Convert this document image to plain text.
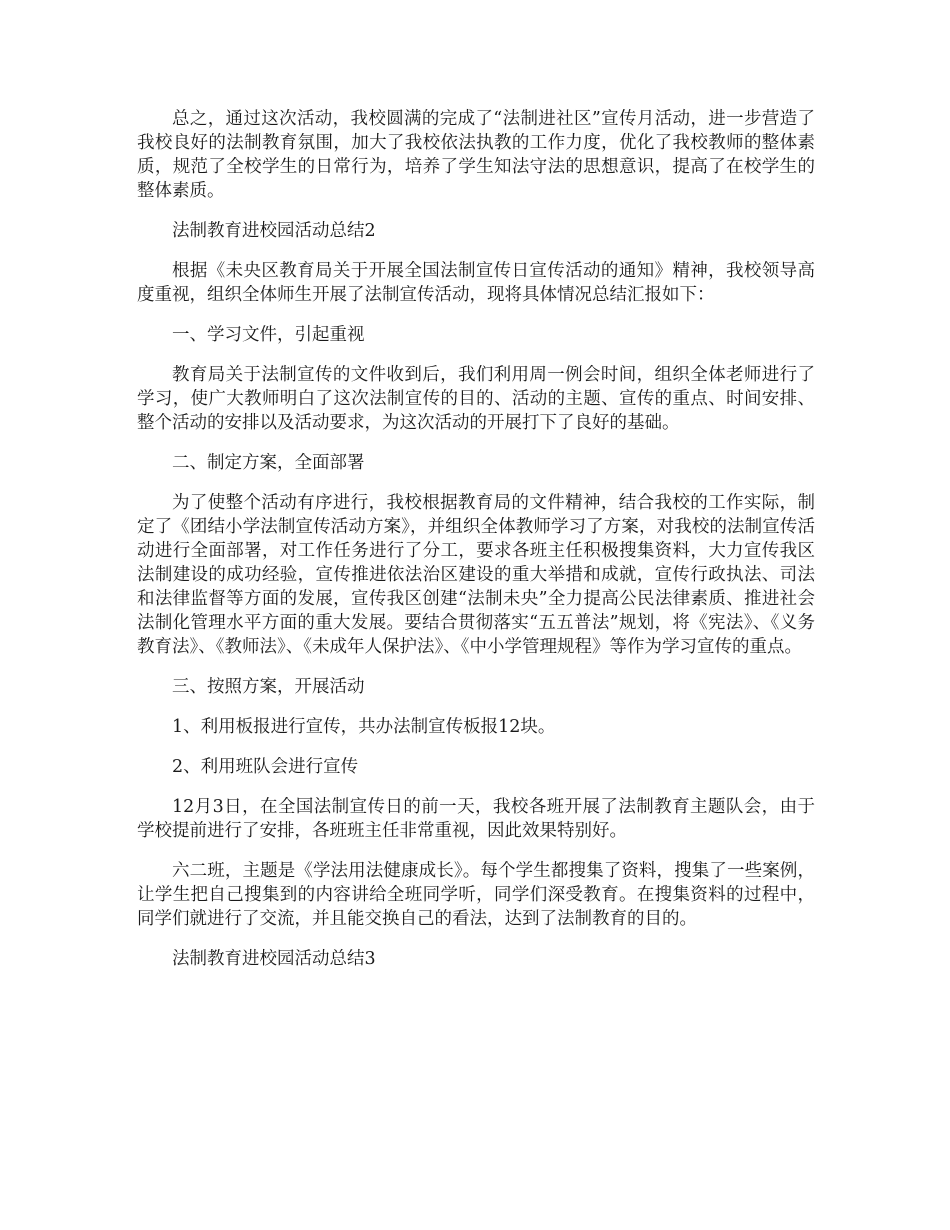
总之，通过这次活动，我校圆满的完成了“法制进社区”宣传月活动，进一步营造了我校良好的法制教育氛围，加大了我校依法执教的工作力度，优化了我校教师的整体素质，规范了全校学生的日常行为，培养了学生知法守法的思想意识，提高了在校学生的整体素质。

法制教育进校园活动总结2

根据《未央区教育局关于开展全国法制宣传日宣传活动的通知》精神，我校领导高度重视，组织全体师生开展了法制宣传活动，现将具体情况总结汇报如下：

一、学习文件，引起重视

教育局关于法制宣传的文件收到后，我们利用周一例会时间，组织全体老师进行了学习，使广大教师明白了这次法制宣传的目的、活动的主题、宣传的重点、时间安排、整个活动的安排以及活动要求，为这次活动的开展打下了良好的基础。

二、制定方案，全面部署

为了使整个活动有序进行，我校根据教育局的文件精神，结合我校的工作实际，制定了《团结小学法制宣传活动方案》，并组织全体教师学习了方案，对我校的法制宣传活动进行全面部署，对工作任务进行了分工，要求各班主任积极搜集资料，大力宣传我区法制建设的成功经验，宣传推进依法治区建设的重大举措和成就，宣传行政执法、司法和法律监督等方面的发展，宣传我区创建“法制未央”全力提高公民法律素质、推进社会法制化管理水平方面的重大发展。要结合贯彻落实“五五普法”规划，将《宪法》、《义务教育法》、《教师法》、《未成年人保护法》、《中小学管理规程》等作为学习宣传的重点。

三、按照方案，开展活动

1、利用板报进行宣传，共办法制宣传板报12块。

2、利用班队会进行宣传

12月3日，在全国法制宣传日的前一天，我校各班开展了法制教育主题队会，由于学校提前进行了安排，各班班主任非常重视，因此效果特别好。

六二班，主题是《学法用法健康成长》。每个学生都搜集了资料，搜集了一些案例，让学生把自己搜集到的内容讲给全班同学听，同学们深受教育。在搜集资料的过程中，同学们就进行了交流，并且能交换自己的看法，达到了法制教育的目的。

法制教育进校园活动总结3
